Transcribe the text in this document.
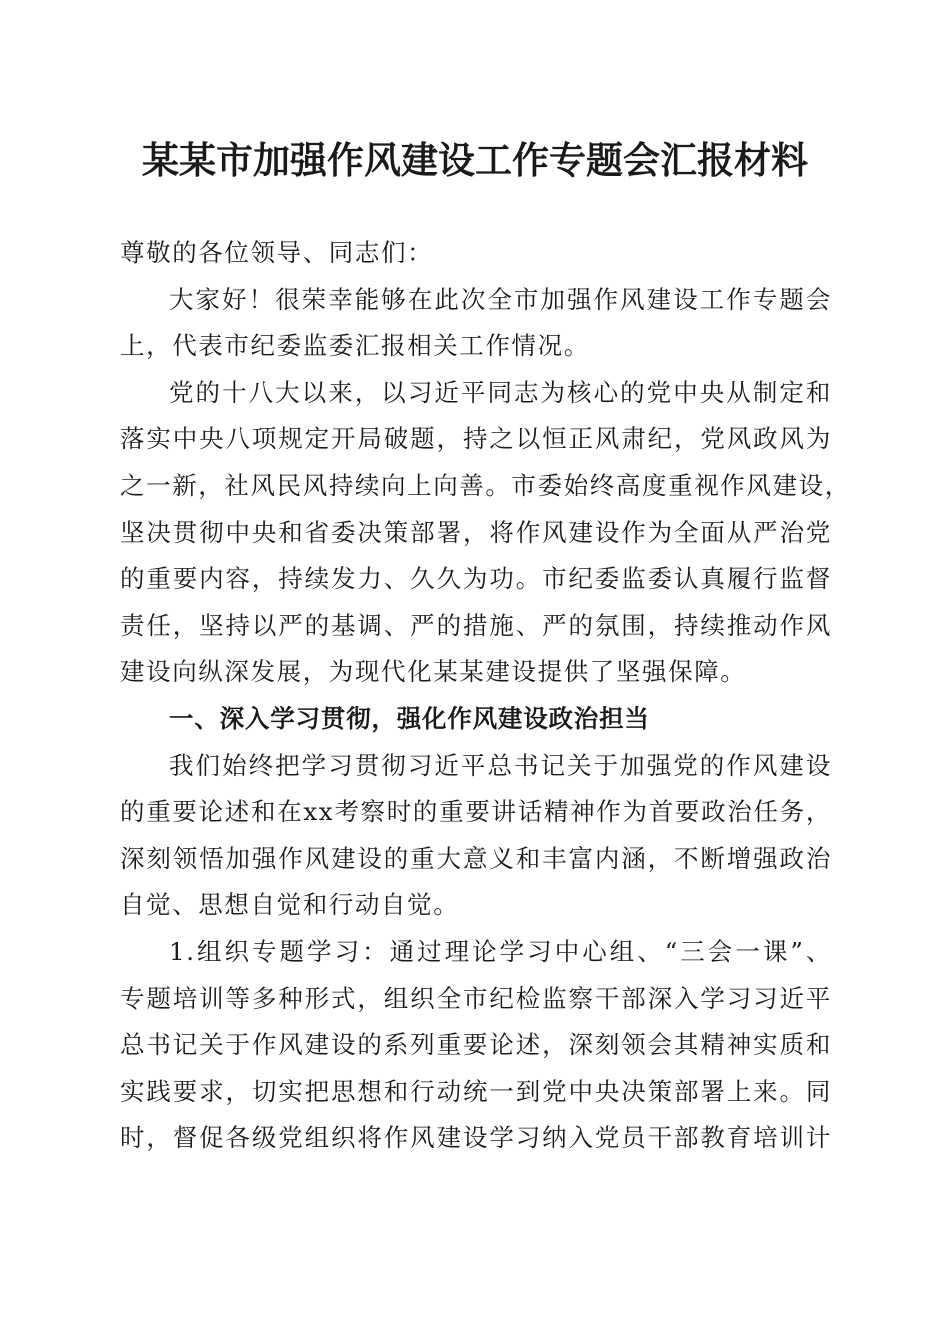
某某市加强作风建设工作专题会汇报材料

尊敬的各位领导、同志们：

大家好！很荣幸能够在此次全市加强作风建设工作专题会

上，代表市纪委监委汇报相关工作情况。

党的十八大以来，以习近平同志为核心的党中央从制定和

落实中央八项规定开局破题，持之以恒正风肃纪，党风政风为

之一新，社风民风持续向上向善。市委始终高度重视作风建设，

坚决贯彻中央和省委决策部署，将作风建设作为全面从严治党

的重要内容，持续发力、久久为功。市纪委监委认真履行监督

责任，坚持以严的基调、严的措施、严的氛围，持续推动作风

建设向纵深发展，为现代化某某建设提供了坚强保障。

一、深入学习贯彻，强化作风建设政治担当

我们始终把学习贯彻习近平总书记关于加强党的作风建设

的重要论述和在xx考察时的重要讲话精神作为首要政治任务，

深刻领悟加强作风建设的重大意义和丰富内涵，不断增强政治

自觉、思想自觉和行动自觉。

1.组织专题学习：通过理论学习中心组、“三会一课”、

专题培训等多种形式，组织全市纪检监察干部深入学习习近平

总书记关于作风建设的系列重要论述，深刻领会其精神实质和

实践要求，切实把思想和行动统一到党中央决策部署上来。同

时，督促各级党组织将作风建设学习纳入党员干部教育培训计
